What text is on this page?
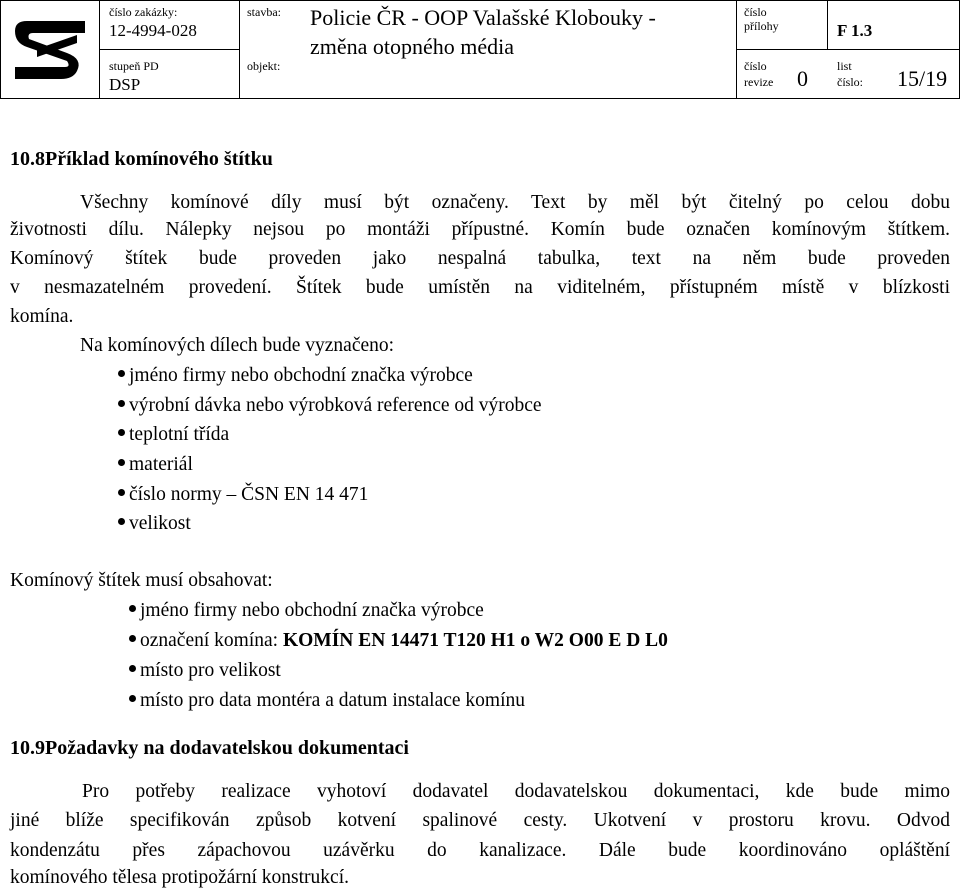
číslo zakázky:
12-4994-028
stupeň PD
DSP
stavba: Policie ČR - OOP Valašské Klobouky -
změna otopného média
objekt:
číslo
přílohy	F 1.3
číslo
revize 0 list
číslo: 15/19
10.8Příklad komínového štítku
Všechny komínové díly musí být označeny. Text by měl být čitelný po celou dobu
životnosti dílu. Nálepky nejsou po montáži přípustné. Komín bude označen komínovým štítkem.
Komínový štítek bude proveden jako nespalná tabulka, text na něm bude proveden
v nesmazatelném provedení. Štítek bude umístěn na viditelném, přístupném místě v blízkosti
komína.
Na komínových dílech bude vyznačeno:
jméno firmy nebo obchodní značka výrobce
výrobní dávka nebo výrobková reference od výrobce
teplotní třída
materiál
číslo normy – ČSN EN 14 471
velikost
Komínový štítek musí obsahovat:
jméno firmy nebo obchodní značka výrobce
označení komína: KOMÍN EN 14471 T120 H1 o W2 O00 E D L0
místo pro velikost
místo pro data montéra a datum instalace komínu
10.9Požadavky na dodavatelskou dokumentaci
Pro potřeby realizace vyhotoví dodavatel dodavatelskou dokumentaci, kde bude mimo
jiné blíže specifikován způsob kotvení spalinové cesty. Ukotvení v prostoru krovu. Odvod
kondenzátu přes zápachovou uzávěrku do kanalizace. Dále bude koordinováno opláštění
komínového tělesa protipožární konstrukcí.
